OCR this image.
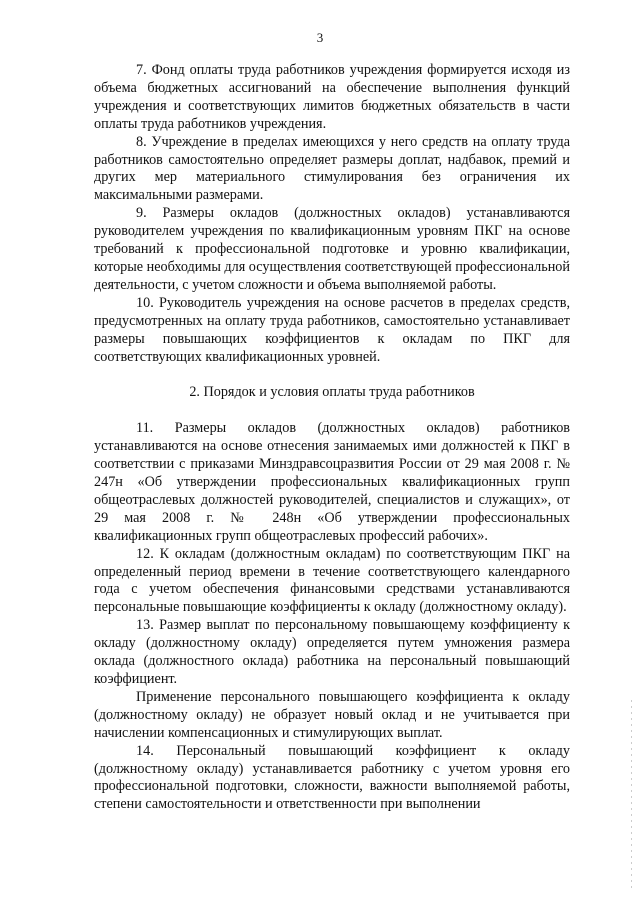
3

7. Фонд оплаты труда работников учреждения формируется исходя из объема бюджетных ассигнований на обеспечение выполнения функций учреждения и соответствующих лимитов бюджетных обязательств в части оплаты труда работников учреждения.

8. Учреждение в пределах имеющихся у него средств на оплату труда работников самостоятельно определяет размеры доплат, надбавок, премий и других мер материального стимулирования без ограничения их максимальными размерами.

9. Размеры окладов (должностных окладов) устанавливаются руководителем учреждения по квалификационным уровням ПКГ на основе требований к профессиональной подготовке и уровню квалификации, которые необходимы для осуществления соответствующей профессиональной деятельности, с учетом сложности и объема выполняемой работы.

10. Руководитель учреждения на основе расчетов в пределах средств, предусмотренных на оплату труда работников, самостоятельно устанавливает размеры повышающих коэффициентов к окладам по ПКГ для соответствующих квалификационных уровней.

2. Порядок и условия оплаты труда работников

11. Размеры окладов (должностных окладов) работников устанавливаются на основе отнесения занимаемых ими должностей к ПКГ в соответствии с приказами Минздравсоцразвития России от 29 мая 2008 г. № 247н «Об утверждении профессиональных квалификационных групп общеотраслевых должностей руководителей, специалистов и служащих», от 29 мая 2008 г. № 248н «Об утверждении профессиональных квалификационных групп общеотраслевых профессий рабочих».

12. К окладам (должностным окладам) по соответствующим ПКГ на определенный период времени в течение соответствующего календарного года с учетом обеспечения финансовыми средствами устанавливаются персональные повышающие коэффициенты к окладу (должностному окладу).

13. Размер выплат по персональному повышающему коэффициенту к окладу (должностному окладу) определяется путем умножения размера оклада (должностного оклада) работника на персональный повышающий коэффициент.

Применение персонального повышающего коэффициента к окладу (должностному окладу) не образует новый оклад и не учитывается при начислении компенсационных и стимулирующих выплат.

14. Персональный повышающий коэффициент к окладу (должностному окладу) устанавливается работнику с учетом уровня его профессиональной подготовки, сложности, важности выполняемой работы, степени самостоятельности и ответственности при выполнении
